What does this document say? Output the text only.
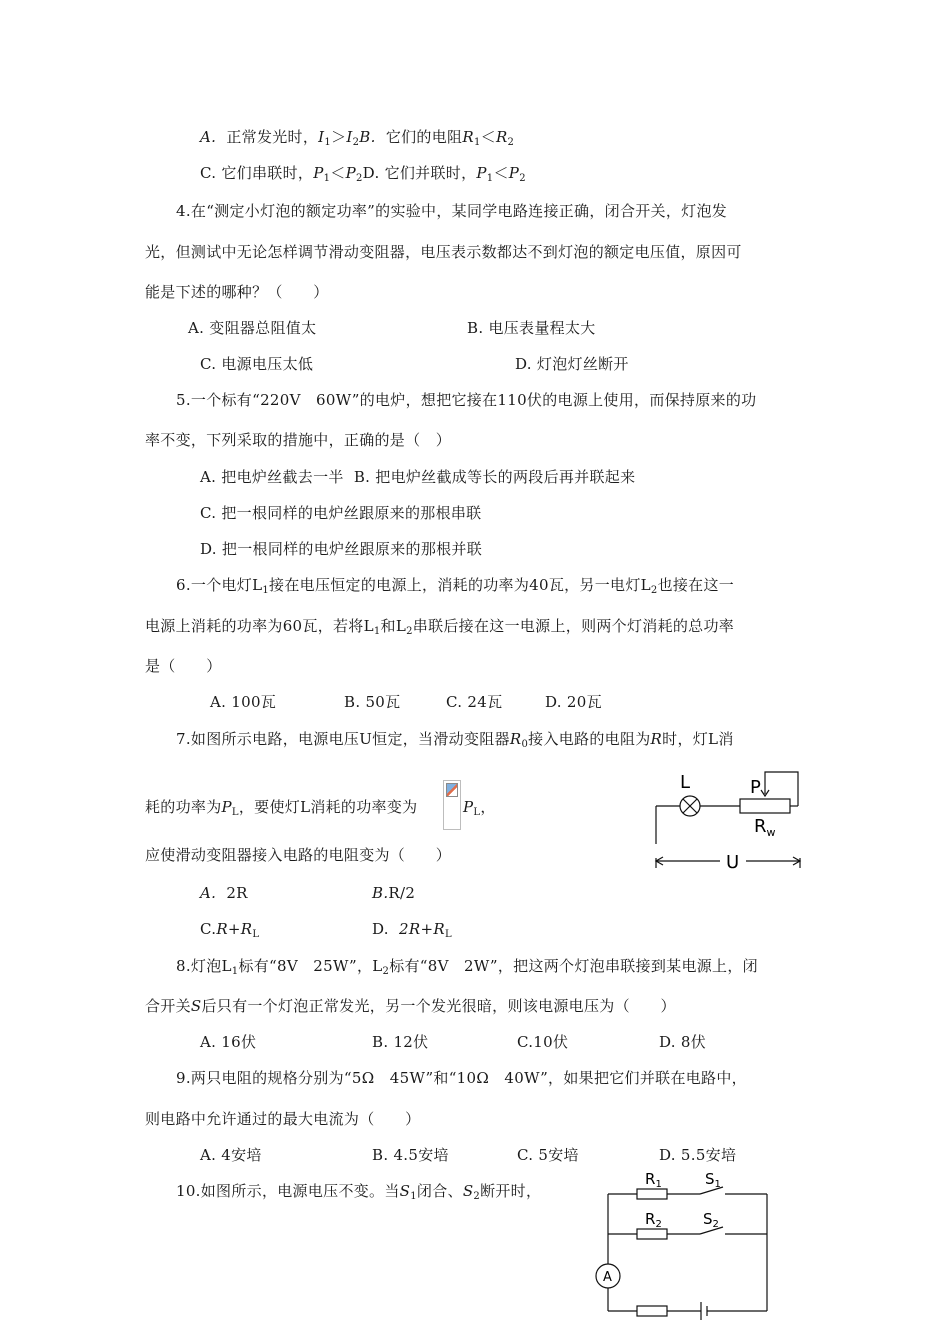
A. 正常发光时，$I_1>I_2B$. 它们的电阻$R_1<R_2$
C. 它们串联时，$P_1<P_2D$. 它们并联时，$P_1<P_2$
4.在“测定小灯泡的额定功率”的实验中，某同学电路连接正确，闭合开关，灯泡发
光，但测试中无论怎样调节滑动变阻器，电压表示数都达不到灯泡的额定电压值，原因可
能是下述的哪种？（　　）
A. 变阻器总阻值太	B. 电压表量程太大
C. 电源电压太低	D. 灯泡灯丝断开
5.一个标有“220V　60W”的电炉，想把它接在110伏的电源上使用，而保持原来的功
率不变，下列采取的措施中，正确的是（　）
A. 把电炉丝截去一半 B. 把电炉丝截成等长的两段后再并联起来
C. 把一根同样的电炉丝跟原来的那根串联
D. 把一根同样的电炉丝跟原来的那根并联
6.一个电灯$L_1$接在电压恒定的电源上，消耗的功率为40瓦，另一电灯$L_2$也接在这一
电源上消耗的功率为60瓦，若将$L_1$和$L_2$串联后接在这一电源上，则两个灯消耗的总功率
是（　　）
A. 100瓦	B. 50瓦	C. 24瓦	D. 20瓦
7.如图所示电路，电源电压U恒定，当滑动变阻器$R_0$接入电路的电阻为R时，灯L消
耗的功率为$P_L$，要使灯L消耗的功率变为	$P_L$，
应使滑动变阻器接入电路的电阻变为（　　）
A. 2R	B.R/2
$C.R+R_L$	D. $2R+R_L$
L	P
$R_w$
U
8.灯泡$L_1$标有“8V　25W”，$L_2$标有“8V　2W”，把这两个灯泡串联接到某电源上，闭
合开关S后只有一个灯泡正常发光，另一个发光很暗，则该电源电压为（　　）
A. 16伏	B. 12伏	C.10伏	D. 8伏
9.两只电阻的规格分别为“5Ω　45W”和“10Ω　40W”，如果把它们并联在电路中，
则电路中允许通过的最大电流为（　　）
A. 4安培	B. 4.5安培	C. 5安培	D. 5.5安培
10.如图所示，电源电压不变。当$S_1$闭合、$S_2$断开时，
$R_1$	$S_1$
$R_2$	$S_2$
A
